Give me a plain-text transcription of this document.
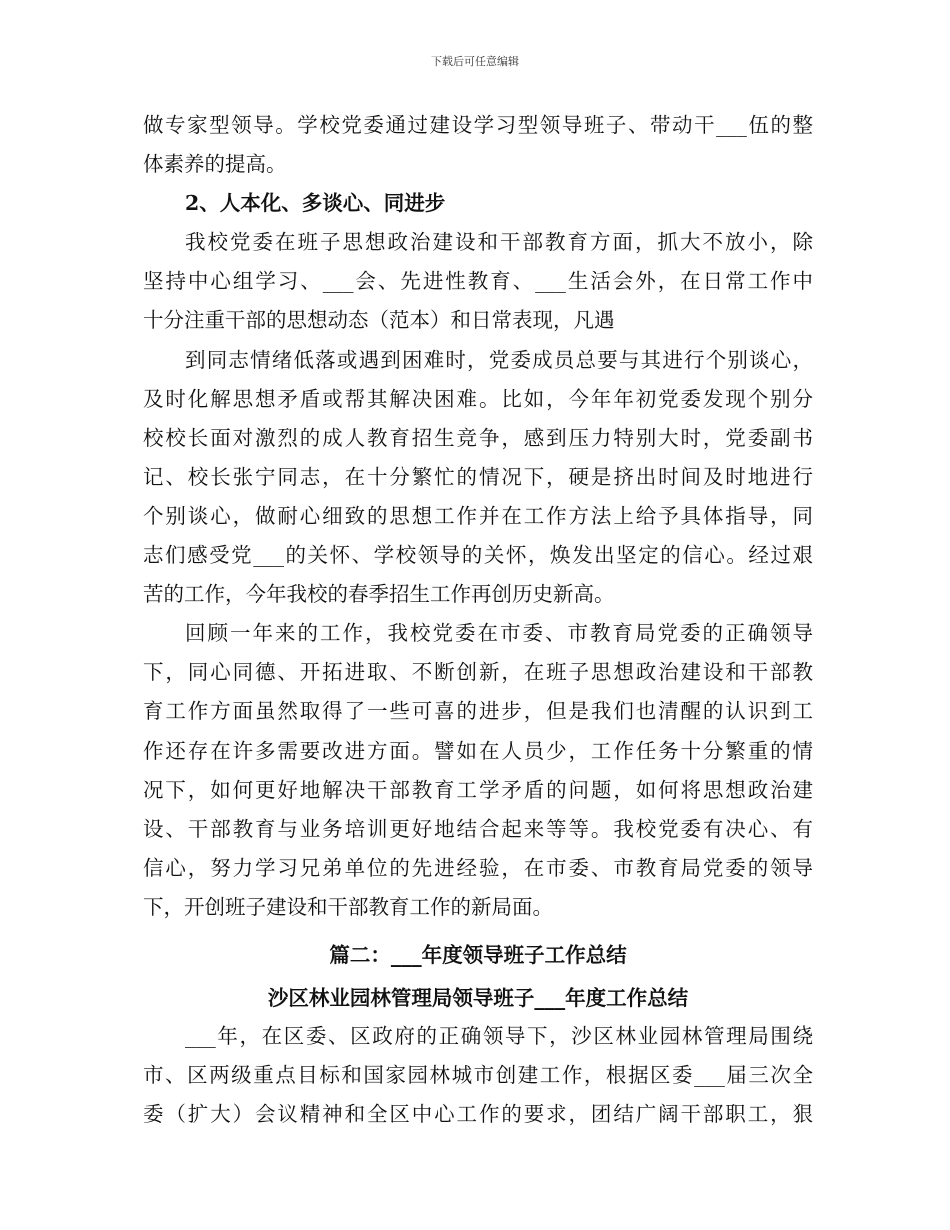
下载后可任意编辑
做专家型领导。学校党委通过建设学习型领导班子、带动干___伍的整
体素养的提高。
2、人本化、多谈心、同进步
我校党委在班子思想政治建设和干部教育方面，抓大不放小，除
坚持中心组学习、___会、先进性教育、___生活会外，在日常工作中
十分注重干部的思想动态（范本）和日常表现，凡遇
到同志情绪低落或遇到困难时，党委成员总要与其进行个别谈心，
及时化解思想矛盾或帮其解决困难。比如，今年年初党委发现个别分
校校长面对激烈的成人教育招生竞争，感到压力特别大时，党委副书
记、校长张宁同志，在十分繁忙的情况下，硬是挤出时间及时地进行
个别谈心，做耐心细致的思想工作并在工作方法上给予具体指导，同
志们感受党___的关怀、学校领导的关怀，焕发出坚定的信心。经过艰
苦的工作，今年我校的春季招生工作再创历史新高。
回顾一年来的工作，我校党委在市委、市教育局党委的正确领导
下，同心同德、开拓进取、不断创新，在班子思想政治建设和干部教
育工作方面虽然取得了一些可喜的进步，但是我们也清醒的认识到工
作还存在许多需要改进方面。譬如在人员少，工作任务十分繁重的情
况下，如何更好地解决干部教育工学矛盾的问题，如何将思想政治建
设、干部教育与业务培训更好地结合起来等等。我校党委有决心、有
信心，努力学习兄弟单位的先进经验，在市委、市教育局党委的领导
下，开创班子建设和干部教育工作的新局面。
篇二：___年度领导班子工作总结
沙区林业园林管理局领导班子___年度工作总结
___年，在区委、区政府的正确领导下，沙区林业园林管理局围绕
市、区两级重点目标和国家园林城市创建工作，根据区委___届三次全
委（扩大）会议精神和全区中心工作的要求，团结广阔干部职工，狠
